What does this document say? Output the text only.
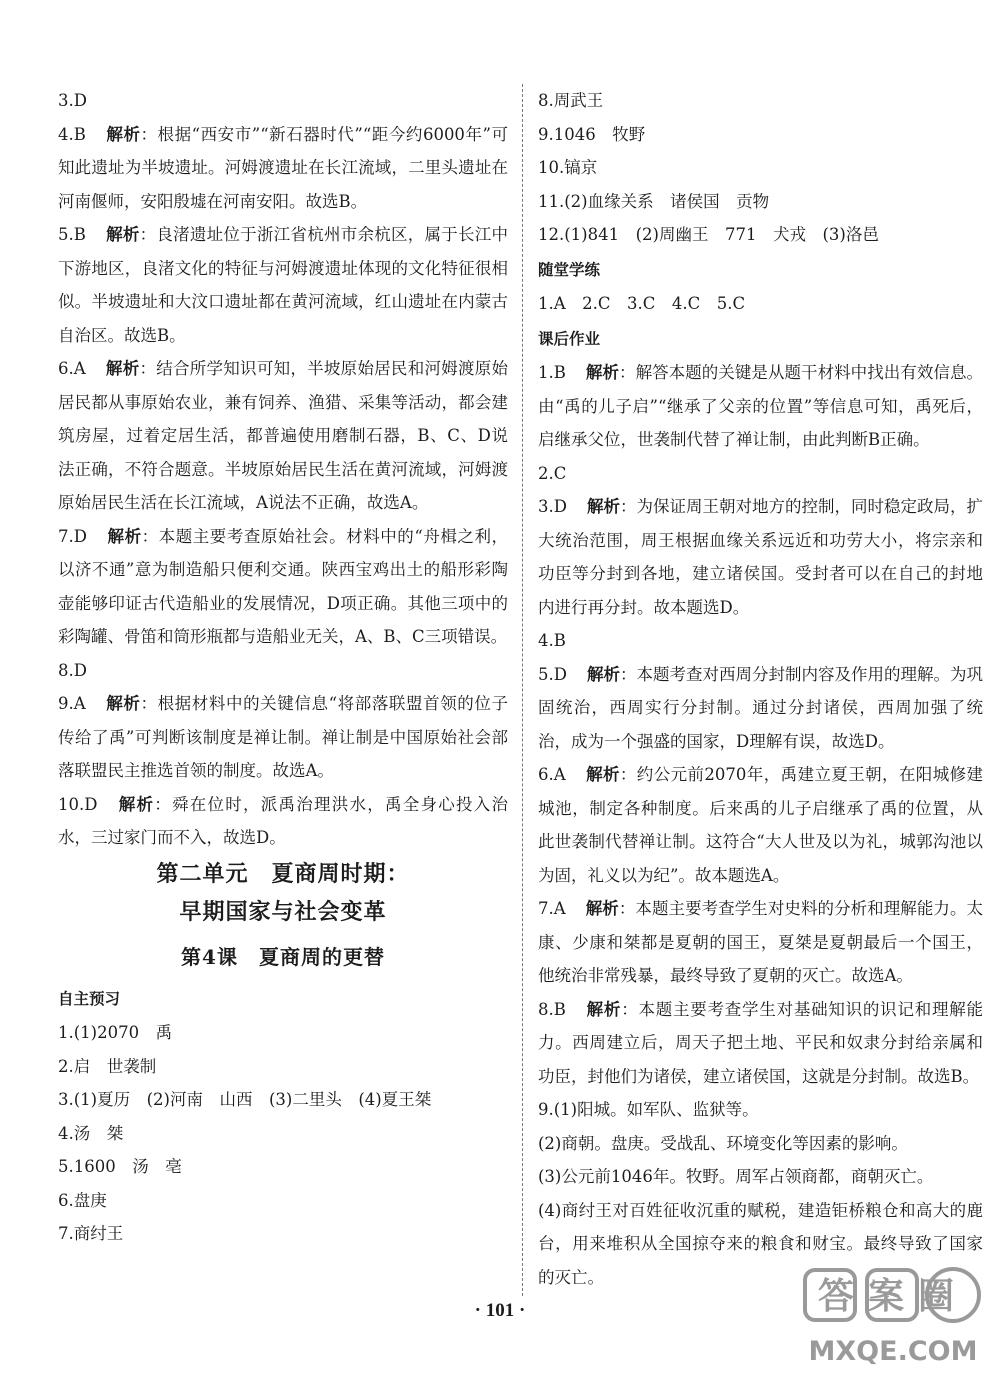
3.D
4.B 解析：根据“西安市”“新石器时代”“距今约6000年”可知此遗址为半坡遗址。河姆渡遗址在长江流域，二里头遗址在河南偃师，安阳殷墟在河南安阳。故选B。
5.B 解析：良渚遗址位于浙江省杭州市余杭区，属于长江中下游地区，良渚文化的特征与河姆渡遗址体现的文化特征很相似。半坡遗址和大汶口遗址都在黄河流域，红山遗址在内蒙古自治区。故选B。
6.A 解析：结合所学知识可知，半坡原始居民和河姆渡原始居民都从事原始农业，兼有饲养、渔猎、采集等活动，都会建筑房屋，过着定居生活，都普遍使用磨制石器，B、C、D说法正确，不符合题意。半坡原始居民生活在黄河流域，河姆渡原始居民生活在长江流域，A说法不正确，故选A。
7.D 解析：本题主要考查原始社会。材料中的“舟楫之利，以济不通”意为制造船只便利交通。陕西宝鸡出土的船形彩陶壶能够印证古代造船业的发展情况，D项正确。其他三项中的彩陶罐、骨笛和筒形瓶都与造船业无关，A、B、C三项错误。
8.D
9.A 解析：根据材料中的关键信息“将部落联盟首领的位子传给了禹”可判断该制度是禅让制。禅让制是中国原始社会部落联盟民主推选首领的制度。故选A。
10.D 解析：舜在位时，派禹治理洪水，禹全身心投入治水，三过家门而不入，故选D。
第二单元　夏商周时期：
早期国家与社会变革
第4课　夏商周的更替
自主预习
1.(1)2070　禹
2.启　世袭制
3.(1)夏历　(2)河南　山西　(3)二里头　(4)夏王桀
4.汤　桀
5.1600　汤　亳
6.盘庚
7.商纣王
8.周武王
9.1046　牧野
10.镐京
11.(2)血缘关系　诸侯国　贡物
12.(1)841　(2)周幽王　771　犬戎　(3)洛邑
随堂学练
1.A　2.C　3.C　4.C　5.C
课后作业
1.B 解析：解答本题的关键是从题干材料中找出有效信息。由“禹的儿子启”“继承了父亲的位置”等信息可知，禹死后，启继承父位，世袭制代替了禅让制，由此判断B正确。
2.C
3.D 解析：为保证周王朝对地方的控制，同时稳定政局，扩大统治范围，周王根据血缘关系远近和功劳大小，将宗亲和功臣等分封到各地，建立诸侯国。受封者可以在自己的封地内进行再分封。故本题选D。
4.B
5.D 解析：本题考查对西周分封制内容及作用的理解。为巩固统治，西周实行分封制。通过分封诸侯，西周加强了统治，成为一个强盛的国家，D理解有误，故选D。
6.A 解析：约公元前2070年，禹建立夏王朝，在阳城修建城池，制定各种制度。后来禹的儿子启继承了禹的位置，从此世袭制代替禅让制。这符合“大人世及以为礼，城郭沟池以为固，礼义以为纪”。故本题选A。
7.A 解析：本题主要考查学生对史料的分析和理解能力。太康、少康和桀都是夏朝的国王，夏桀是夏朝最后一个国王，他统治非常残暴，最终导致了夏朝的灭亡。故选A。
8.B 解析：本题主要考查学生对基础知识的识记和理解能力。西周建立后，周天子把土地、平民和奴隶分封给亲属和功臣，封他们为诸侯，建立诸侯国，这就是分封制。故选B。
9.(1)阳城。如军队、监狱等。
(2)商朝。盘庚。受战乱、环境变化等因素的影响。
(3)公元前1046年。牧野。周军占领商都，商朝灭亡。
(4)商纣王对百姓征收沉重的赋税，建造钜桥粮仓和高大的鹿台，用来堆积从全国掠夺来的粮食和财宝。最终导致了国家的灭亡。
· 101 ·	答案圈
MXQE.COM
